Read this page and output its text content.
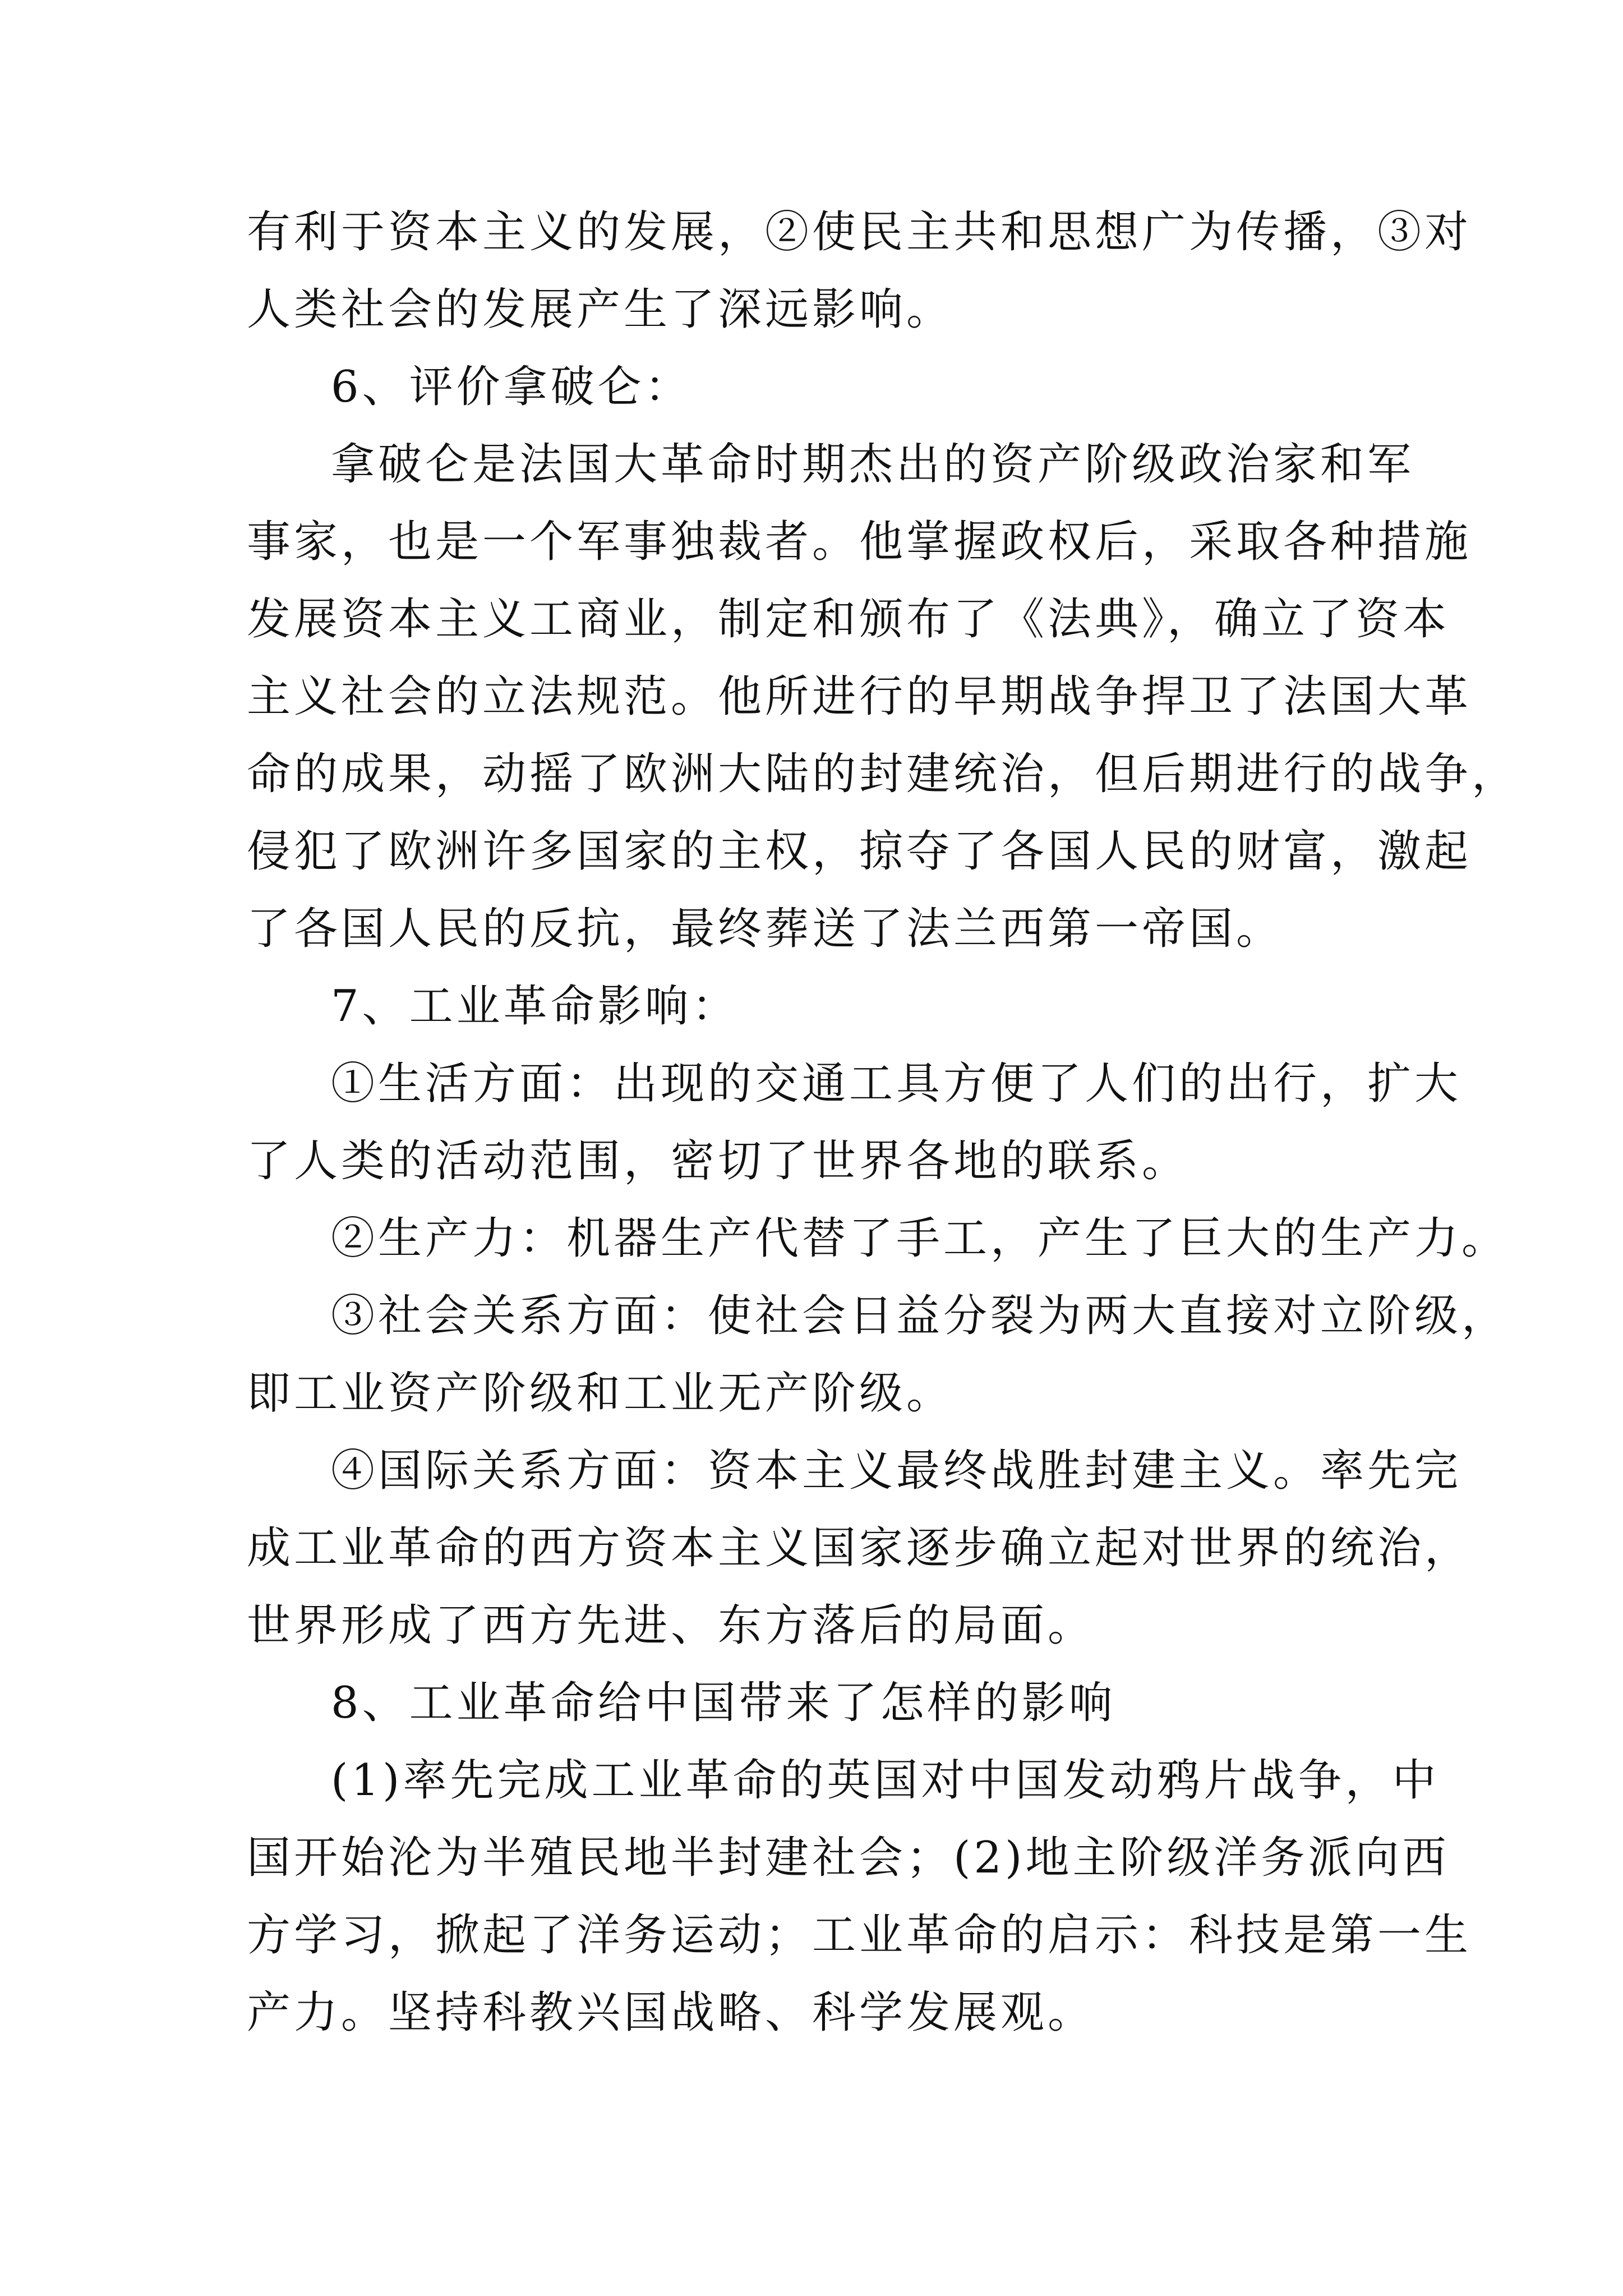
有利于资本主义的发展，②使民主共和思想广为传播，③对
人类社会的发展产生了深远影响。
6、评价拿破仑：
拿破仑是法国大革命时期杰出的资产阶级政治家和军
事家，也是一个军事独裁者。他掌握政权后，采取各种措施
发展资本主义工商业，制定和颁布了《法典》，确立了资本
主义社会的立法规范。他所进行的早期战争捍卫了法国大革
命的成果，动摇了欧洲大陆的封建统治，但后期进行的战争，
侵犯了欧洲许多国家的主权，掠夺了各国人民的财富，激起
了各国人民的反抗，最终葬送了法兰西第一帝国。
7、工业革命影响：
①生活方面：出现的交通工具方便了人们的出行，扩大
了人类的活动范围，密切了世界各地的联系。
②生产力：机器生产代替了手工，产生了巨大的生产力。
③社会关系方面：使社会日益分裂为两大直接对立阶级，
即工业资产阶级和工业无产阶级。
④国际关系方面：资本主义最终战胜封建主义。率先完
成工业革命的西方资本主义国家逐步确立起对世界的统治，
世界形成了西方先进、东方落后的局面。
8、工业革命给中国带来了怎样的影响
(1)率先完成工业革命的英国对中国发动鸦片战争，中
国开始沦为半殖民地半封建社会；(2)地主阶级洋务派向西
方学习，掀起了洋务运动；工业革命的启示：科技是第一生
产力。坚持科教兴国战略、科学发展观。
